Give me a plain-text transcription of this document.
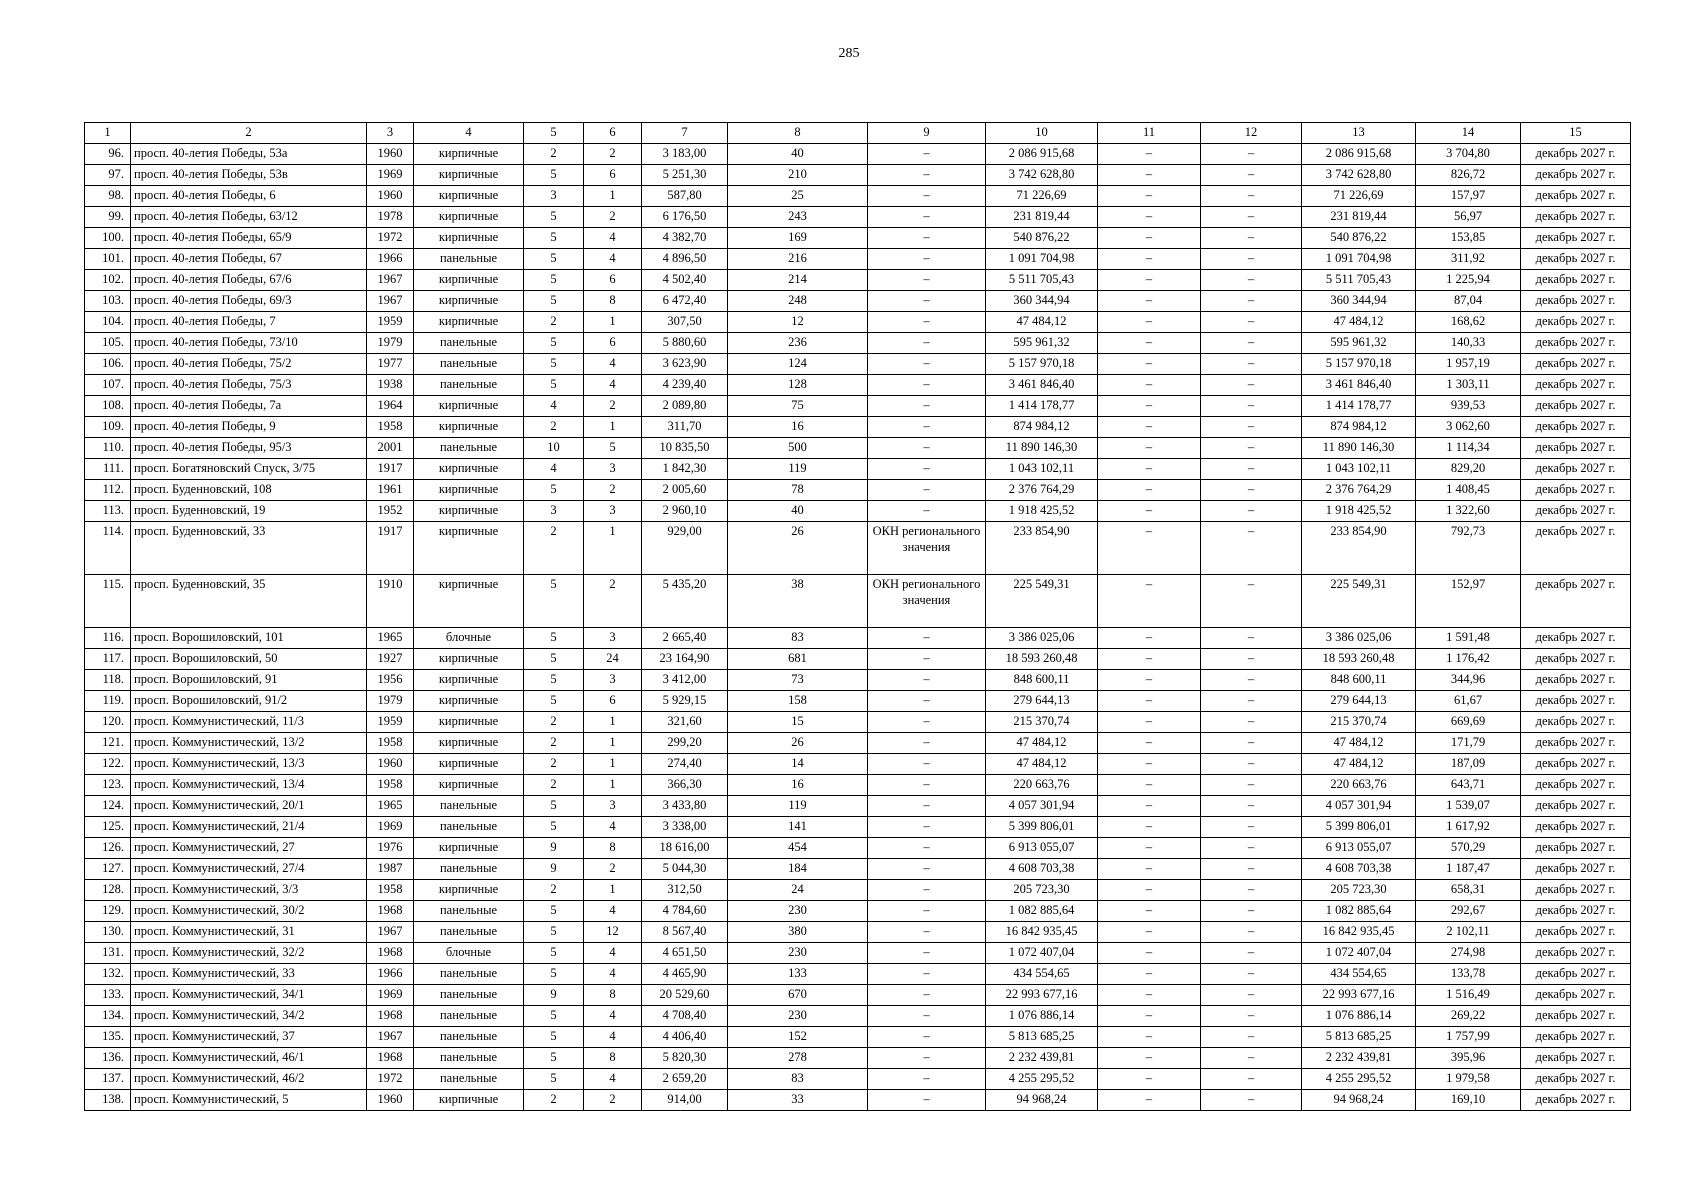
285
1	2	3	4	5	6	7	8	9	10	11	12	13	14	15
96.	просп. 40-летия Победы, 53а	1960	кирпичные	2	2	3 183,00	40	–	2 086 915,68	–	–	2 086 915,68	3 704,80	декабрь 2027 г.
97.	просп. 40-летия Победы, 53в	1969	кирпичные	5	6	5 251,30	210	–	3 742 628,80	–	–	3 742 628,80	826,72	декабрь 2027 г.
98.	просп. 40-летия Победы, 6	1960	кирпичные	3	1	587,80	25	–	71 226,69	–	–	71 226,69	157,97	декабрь 2027 г.
99.	просп. 40-летия Победы, 63/12	1978	кирпичные	5	2	6 176,50	243	–	231 819,44	–	–	231 819,44	56,97	декабрь 2027 г.
100.	просп. 40-летия Победы, 65/9	1972	кирпичные	5	4	4 382,70	169	–	540 876,22	–	–	540 876,22	153,85	декабрь 2027 г.
101.	просп. 40-летия Победы, 67	1966	панельные	5	4	4 896,50	216	–	1 091 704,98	–	–	1 091 704,98	311,92	декабрь 2027 г.
102.	просп. 40-летия Победы, 67/6	1967	кирпичные	5	6	4 502,40	214	–	5 511 705,43	–	–	5 511 705,43	1 225,94	декабрь 2027 г.
103.	просп. 40-летия Победы, 69/3	1967	кирпичные	5	8	6 472,40	248	–	360 344,94	–	–	360 344,94	87,04	декабрь 2027 г.
104.	просп. 40-летия Победы, 7	1959	кирпичные	2	1	307,50	12	–	47 484,12	–	–	47 484,12	168,62	декабрь 2027 г.
105.	просп. 40-летия Победы, 73/10	1979	панельные	5	6	5 880,60	236	–	595 961,32	–	–	595 961,32	140,33	декабрь 2027 г.
106.	просп. 40-летия Победы, 75/2	1977	панельные	5	4	3 623,90	124	–	5 157 970,18	–	–	5 157 970,18	1 957,19	декабрь 2027 г.
107.	просп. 40-летия Победы, 75/3	1938	панельные	5	4	4 239,40	128	–	3 461 846,40	–	–	3 461 846,40	1 303,11	декабрь 2027 г.
108.	просп. 40-летия Победы, 7а	1964	кирпичные	4	2	2 089,80	75	–	1 414 178,77	–	–	1 414 178,77	939,53	декабрь 2027 г.
109.	просп. 40-летия Победы, 9	1958	кирпичные	2	1	311,70	16	–	874 984,12	–	–	874 984,12	3 062,60	декабрь 2027 г.
110.	просп. 40-летия Победы, 95/3	2001	панельные	10	5	10 835,50	500	–	11 890 146,30	–	–	11 890 146,30	1 114,34	декабрь 2027 г.
111.	просп. Богатяновский Спуск, 3/75	1917	кирпичные	4	3	1 842,30	119	–	1 043 102,11	–	–	1 043 102,11	829,20	декабрь 2027 г.
112.	просп. Буденновский, 108	1961	кирпичные	5	2	2 005,60	78	–	2 376 764,29	–	–	2 376 764,29	1 408,45	декабрь 2027 г.
113.	просп. Буденновский, 19	1952	кирпичные	3	3	2 960,10	40	–	1 918 425,52	–	–	1 918 425,52	1 322,60	декабрь 2027 г.
114.	просп. Буденновский, 33	1917	кирпичные	2	1	929,00	26	ОКН регионального значения	233 854,90	–	–	233 854,90	792,73	декабрь 2027 г.
115.	просп. Буденновский, 35	1910	кирпичные	5	2	5 435,20	38	ОКН регионального значения	225 549,31	–	–	225 549,31	152,97	декабрь 2027 г.
116.	просп. Ворошиловский, 101	1965	блочные	5	3	2 665,40	83	–	3 386 025,06	–	–	3 386 025,06	1 591,48	декабрь 2027 г.
117.	просп. Ворошиловский, 50	1927	кирпичные	5	24	23 164,90	681	–	18 593 260,48	–	–	18 593 260,48	1 176,42	декабрь 2027 г.
118.	просп. Ворошиловский, 91	1956	кирпичные	5	3	3 412,00	73	–	848 600,11	–	–	848 600,11	344,96	декабрь 2027 г.
119.	просп. Ворошиловский, 91/2	1979	кирпичные	5	6	5 929,15	158	–	279 644,13	–	–	279 644,13	61,67	декабрь 2027 г.
120.	просп. Коммунистический, 11/3	1959	кирпичные	2	1	321,60	15	–	215 370,74	–	–	215 370,74	669,69	декабрь 2027 г.
121.	просп. Коммунистический, 13/2	1958	кирпичные	2	1	299,20	26	–	47 484,12	–	–	47 484,12	171,79	декабрь 2027 г.
122.	просп. Коммунистический, 13/3	1960	кирпичные	2	1	274,40	14	–	47 484,12	–	–	47 484,12	187,09	декабрь 2027 г.
123.	просп. Коммунистический, 13/4	1958	кирпичные	2	1	366,30	16	–	220 663,76	–	–	220 663,76	643,71	декабрь 2027 г.
124.	просп. Коммунистический, 20/1	1965	панельные	5	3	3 433,80	119	–	4 057 301,94	–	–	4 057 301,94	1 539,07	декабрь 2027 г.
125.	просп. Коммунистический, 21/4	1969	панельные	5	4	3 338,00	141	–	5 399 806,01	–	–	5 399 806,01	1 617,92	декабрь 2027 г.
126.	просп. Коммунистический, 27	1976	кирпичные	9	8	18 616,00	454	–	6 913 055,07	–	–	6 913 055,07	570,29	декабрь 2027 г.
127.	просп. Коммунистический, 27/4	1987	панельные	9	2	5 044,30	184	–	4 608 703,38	–	–	4 608 703,38	1 187,47	декабрь 2027 г.
128.	просп. Коммунистический, 3/3	1958	кирпичные	2	1	312,50	24	–	205 723,30	–	–	205 723,30	658,31	декабрь 2027 г.
129.	просп. Коммунистический, 30/2	1968	панельные	5	4	4 784,60	230	–	1 082 885,64	–	–	1 082 885,64	292,67	декабрь 2027 г.
130.	просп. Коммунистический, 31	1967	панельные	5	12	8 567,40	380	–	16 842 935,45	–	–	16 842 935,45	2 102,11	декабрь 2027 г.
131.	просп. Коммунистический, 32/2	1968	блочные	5	4	4 651,50	230	–	1 072 407,04	–	–	1 072 407,04	274,98	декабрь 2027 г.
132.	просп. Коммунистический, 33	1966	панельные	5	4	4 465,90	133	–	434 554,65	–	–	434 554,65	133,78	декабрь 2027 г.
133.	просп. Коммунистический, 34/1	1969	панельные	9	8	20 529,60	670	–	22 993 677,16	–	–	22 993 677,16	1 516,49	декабрь 2027 г.
134.	просп. Коммунистический, 34/2	1968	панельные	5	4	4 708,40	230	–	1 076 886,14	–	–	1 076 886,14	269,22	декабрь 2027 г.
135.	просп. Коммунистический, 37	1967	панельные	5	4	4 406,40	152	–	5 813 685,25	–	–	5 813 685,25	1 757,99	декабрь 2027 г.
136.	просп. Коммунистический, 46/1	1968	панельные	5	8	5 820,30	278	–	2 232 439,81	–	–	2 232 439,81	395,96	декабрь 2027 г.
137.	просп. Коммунистический, 46/2	1972	панельные	5	4	2 659,20	83	–	4 255 295,52	–	–	4 255 295,52	1 979,58	декабрь 2027 г.
138.	просп. Коммунистический, 5	1960	кирпичные	2	2	914,00	33	–	94 968,24	–	–	94 968,24	169,10	декабрь 2027 г.
